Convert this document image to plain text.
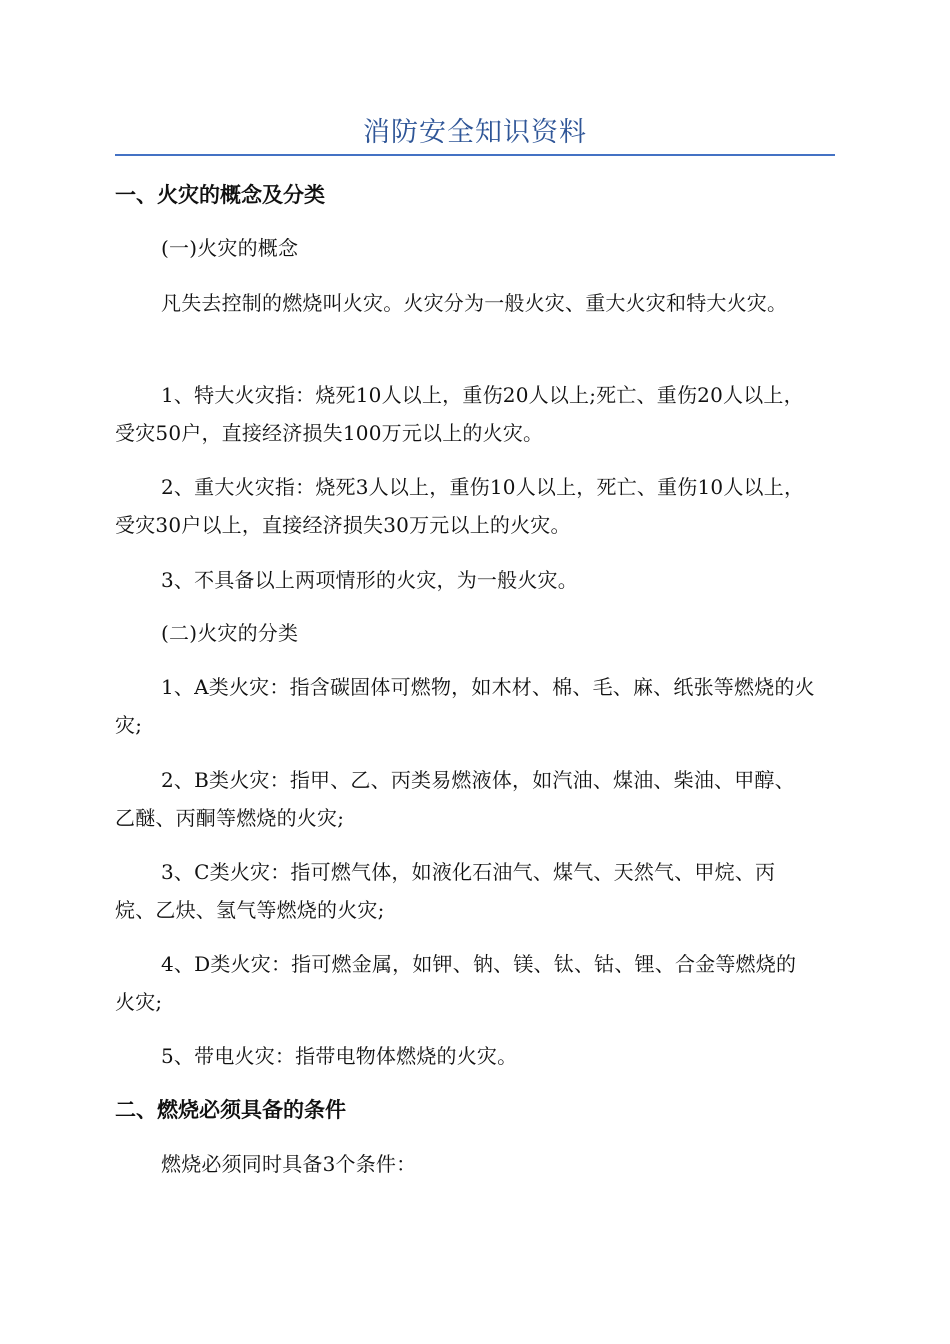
消防安全知识资料
一、火灾的概念及分类
(一)火灾的概念
凡失去控制的燃烧叫火灾。火灾分为一般火灾、重大火灾和特大火灾。
1、特大火灾指：烧死10人以上，重伤20人以上;死亡、重伤20人以上，受灾50户，直接经济损失100万元以上的火灾。
2、重大火灾指：烧死3人以上，重伤10人以上，死亡、重伤10人以上，受灾30户以上，直接经济损失30万元以上的火灾。
3、不具备以上两项情形的火灾，为一般火灾。
(二)火灾的分类
1、A类火灾：指含碳固体可燃物，如木材、棉、毛、麻、纸张等燃烧的火灾;
2、B类火灾：指甲、乙、丙类易燃液体，如汽油、煤油、柴油、甲醇、乙醚、丙酮等燃烧的火灾;
3、C类火灾：指可燃气体，如液化石油气、煤气、天然气、甲烷、丙烷、乙炔、氢气等燃烧的火灾;
4、D类火灾：指可燃金属，如钾、钠、镁、钛、钴、锂、合金等燃烧的火灾;
5、带电火灾：指带电物体燃烧的火灾。
二、燃烧必须具备的条件
燃烧必须同时具备3个条件：
